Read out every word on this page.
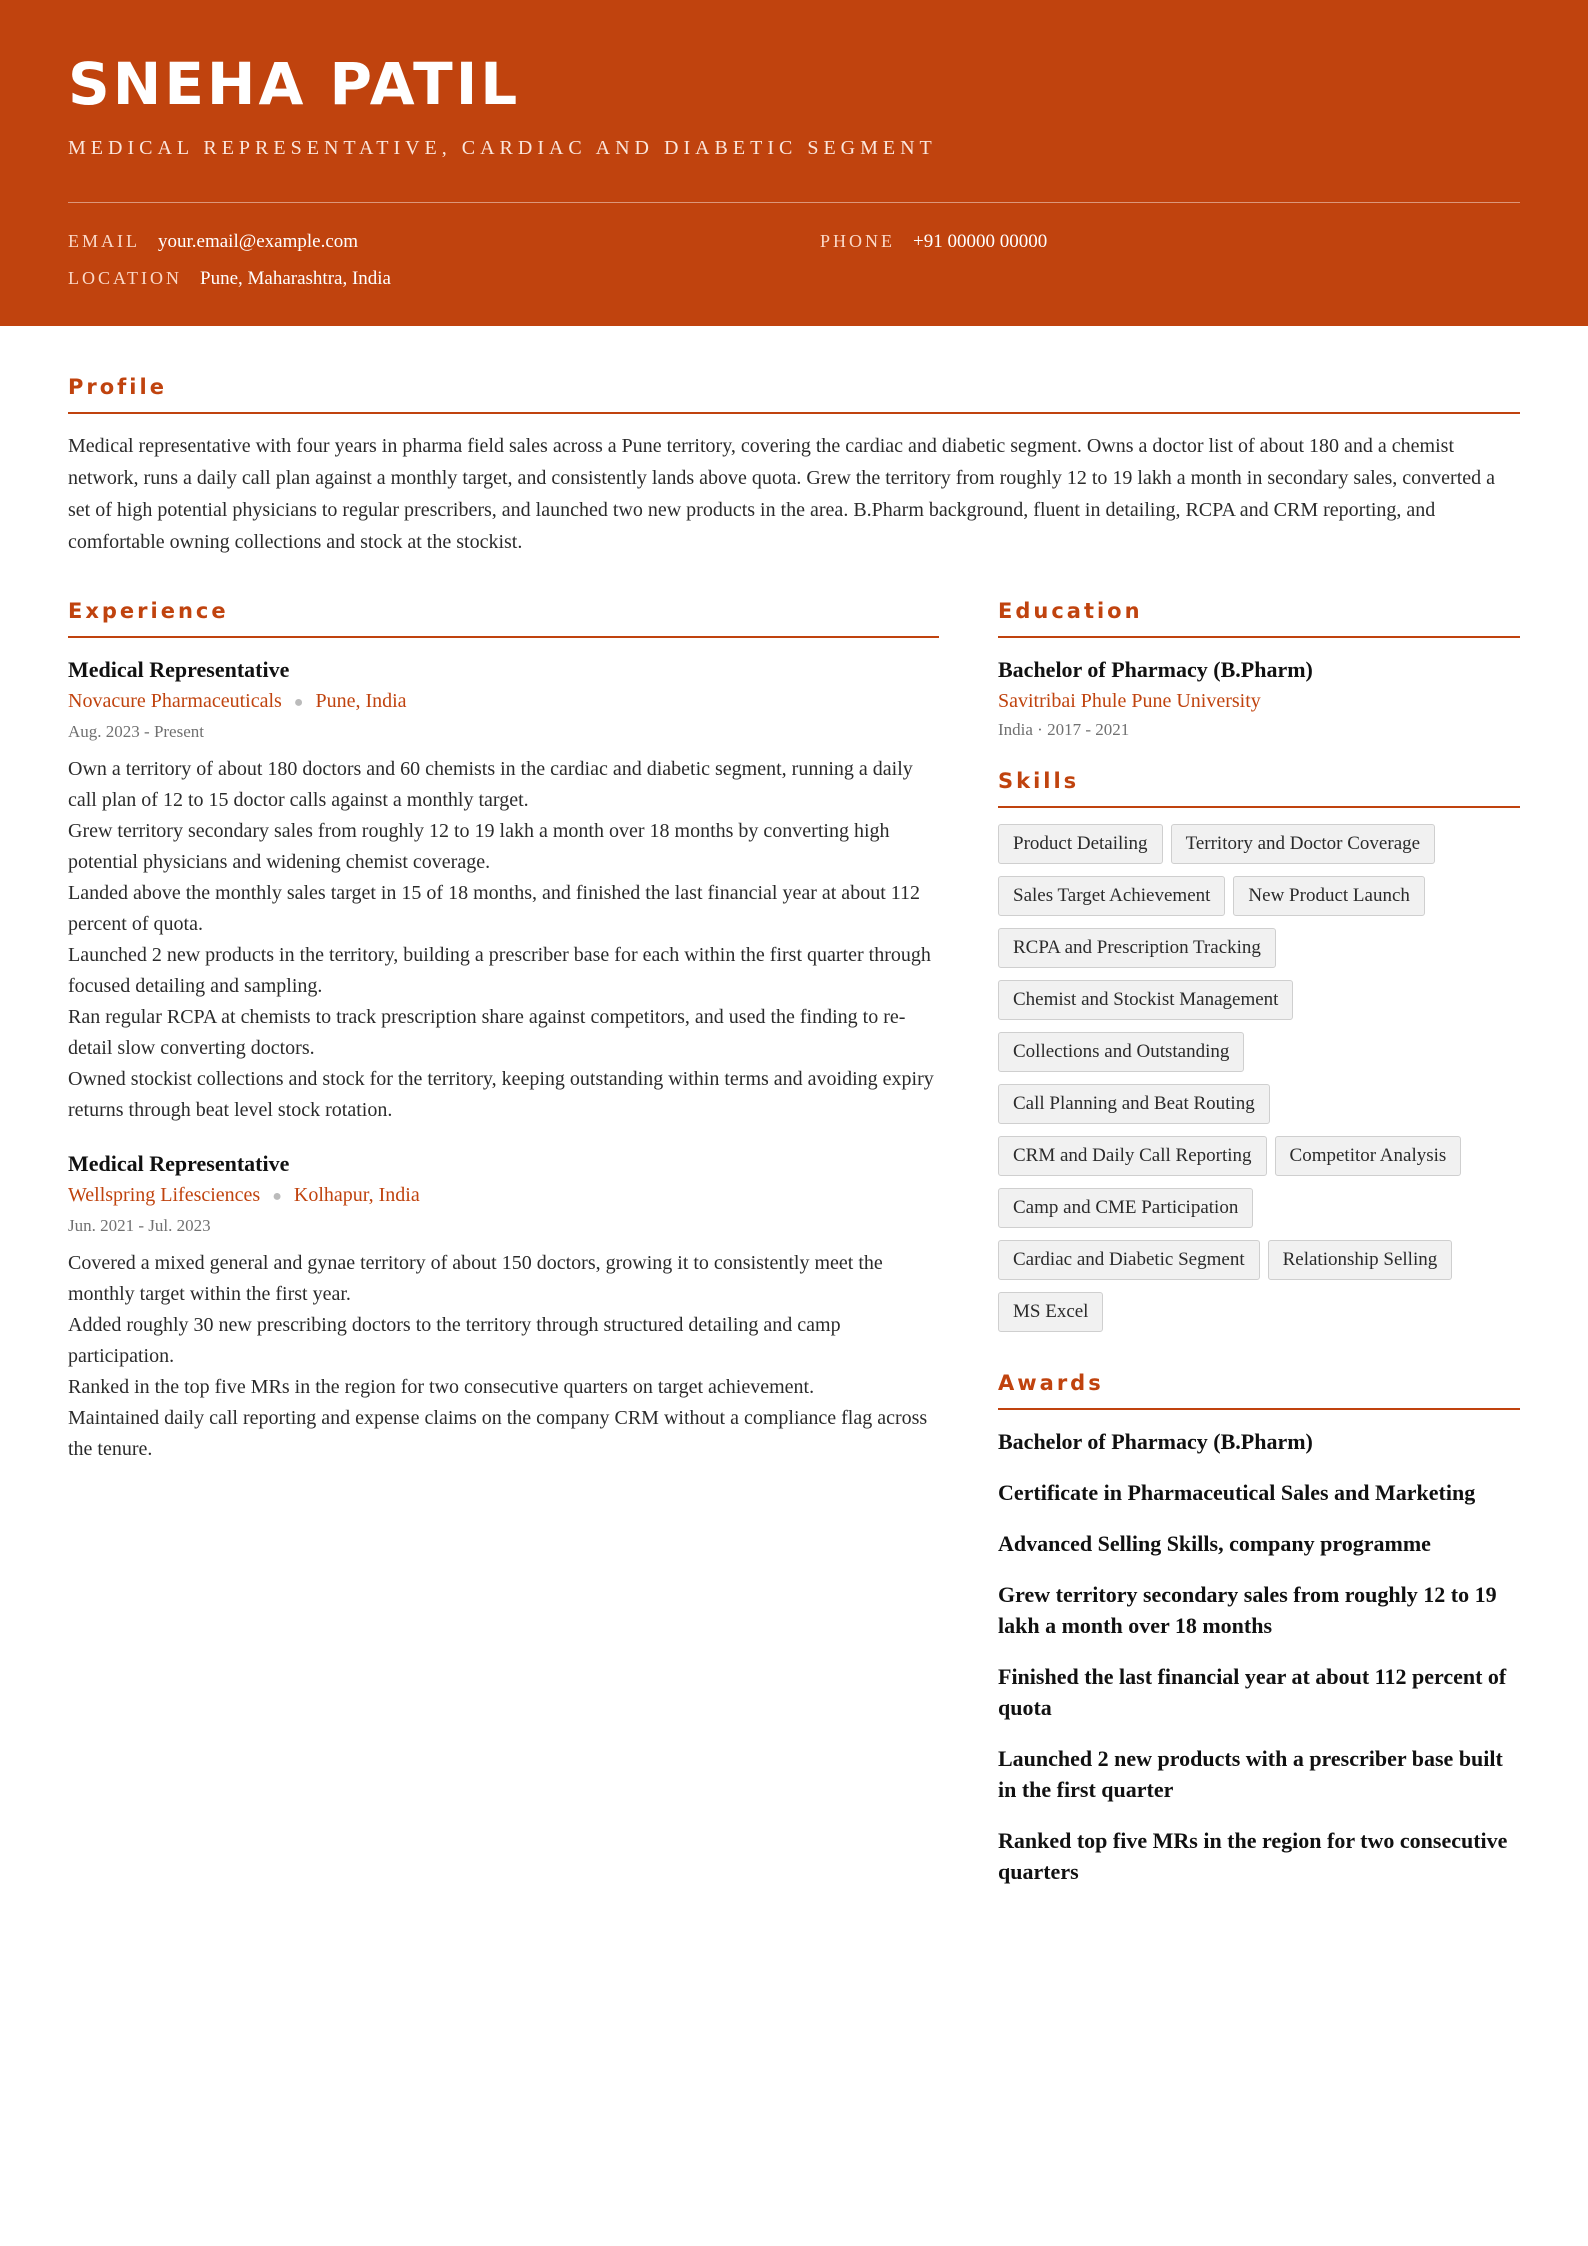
SNEHA PATIL
MEDICAL REPRESENTATIVE, CARDIAC AND DIABETIC SEGMENT
EMAIL your.email@example.com	PHONE +91 00000 00000
LOCATION Pune, Maharashtra, India
Profile

Medical representative with four years in pharma field sales across a Pune territory, covering the cardiac and diabetic segment. Owns a doctor list of about 180 and a chemist network, runs a daily call plan against a monthly target, and consistently lands above quota. Grew the territory from roughly 12 to 19 lakh a month in secondary sales, converted a set of high potential physicians to regular prescribers, and launched two new products in the area. B.Pharm background, fluent in detailing, RCPA and CRM reporting, and comfortable owning collections and stock at the stockist.

Experience
Medical Representative
Novacure Pharmaceuticals ● Pune, India
Aug. 2023 - Present

Own a territory of about 180 doctors and 60 chemists in the cardiac and diabetic segment, running a daily call plan of 12 to 15 doctor calls against a monthly target.

Grew territory secondary sales from roughly 12 to 19 lakh a month over 18 months by converting high potential physicians and widening chemist coverage.

Landed above the monthly sales target in 15 of 18 months, and finished the last financial year at about 112 percent of quota.

Launched 2 new products in the territory, building a prescriber base for each within the first quarter through focused detailing and sampling.

Ran regular RCPA at chemists to track prescription share against competitors, and used the finding to re-detail slow converting doctors.

Owned stockist collections and stock for the territory, keeping outstanding within terms and avoiding expiry returns through beat level stock rotation.

Medical Representative
Wellspring Lifesciences ● Kolhapur, India
Jun. 2021 - Jul. 2023

Covered a mixed general and gynae territory of about 150 doctors, growing it to consistently meet the monthly target within the first year.

Added roughly 30 new prescribing doctors to the territory through structured detailing and camp participation.

Ranked in the top five MRs in the region for two consecutive quarters on target achievement.

Maintained daily call reporting and expense claims on the company CRM without a compliance flag across the tenure.

Education
Bachelor of Pharmacy (B.Pharm)
Savitribai Phule Pune University
India · 2017 - 2021
Skills
Product Detailing	Territory and Doctor Coverage
Sales Target Achievement	New Product Launch
RCPA and Prescription Tracking
Chemist and Stockist Management
Collections and Outstanding
Call Planning and Beat Routing
CRM and Daily Call Reporting	Competitor Analysis
Camp and CME Participation
Cardiac and Diabetic Segment	Relationship Selling
MS Excel
Awards
Bachelor of Pharmacy (B.Pharm)
Certificate in Pharmaceutical Sales and Marketing
Advanced Selling Skills, company programme
Grew territory secondary sales from roughly 12 to 19 lakh a month over 18 months
Finished the last financial year at about 112 percent of quota
Launched 2 new products with a prescriber base built in the first quarter
Ranked top five MRs in the region for two consecutive quarters
